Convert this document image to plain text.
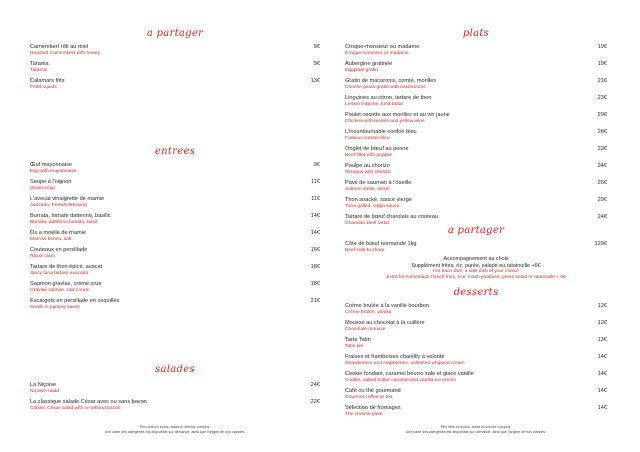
a partager
Camembert rôti au miel
Roasted Camembert with honey
9€
Tarama
Tarama
9€
Calamars frits
Fried squids
13€
entrees
Œuf mayonnaise
Egg with mayonnaise
9€
Soupe à l'oignon
Onion soup
11€
L'avocat vinaigrette de mamie
Avocado, French dressing
11€
Burrata, tomate datterino, basilic
Burrata, datterino tomato, basil
14€
Os a moelle de mamie
Marrow bones, salt
14€
Couteaux en persillade
Razor clam
16€
Tartare de thon épicé, avocat
Spicy tuna tartare avocado
18€
Saumon gravlax, crème crue
Gravlax salmon, raw cream
18€
Escargots en persillade en coquilles
Snails in parsley sauce
21€
salades
La Niçoise
Niçoise salad
24€
La classique salade César avec ou sans bacon
Classic César salad with or without bacon
22€
Prix nets en euros, taxes et service compris.
Une carte des allergènes est disponible sur demande, ainsi que l'origine de nos viandes.
plats
Croque-monsieur ou madame
Croque monsieur or madame
19€
Aubergine gratinée
Eggplant gratin
19€
Gratin de macaronis, comté, morilles
Cheese pasta gratin with mushrooms
21€
Linguines au citron, tartare de thon
Lemon linguine, tuna tartar
23€
Poulet cocotte aux morilles et au vin jaune
Chicken with morels and yellow wine
29€
L'incontournable cordon bleu
Famous cordon bleu
26€
Onglet de bœuf au poivre
Beef fillet with pepper
22€
Poulpe au chorizo
Octopus with chorizo
24€
Pavé de saumon à l'oseille
Salmon steak, sorrel
26€
Thon snacké, sauce vierge
Tuna grilled, virgin sauce
29€
Tartare de bœuf charolais au couteau
Charolais beef tartar
24€
a partager
Côte de bœuf normande 1kg
Beef side to share
120€
Accompagnement au choix
Supplément frites, riz, purée, salade ou ratatouille +6€
For each dish, a side dish of your choice
Extra for homemade french fries, rice, mash potatoes, green salad or ratatouille + 6€
desserts
Crème brulée à la vanille bourbon
Crème brulée, vanilla
12€
Mousse au chocolat à la cuillère
Chocolate mousse
12€
Tarte Tatin
Tatin pie
13€
Fraises et framboises chantilly à volonté
Strawberries and raspberries, unlimited whipped cream
14€
Cookie fondant, caramel beurre salé et glace vanille
Cookie, salted butter caramel and vanilla ice cream
14€
Café ou thé gourmand
Gourmet coffee or tea
14€
Sélection de fromages
The cheese plate
14€
Prix nets en euros, taxes et service compris.
Une carte des allergènes est disponible sur demande, ainsi que l'origine de nos viandes.
